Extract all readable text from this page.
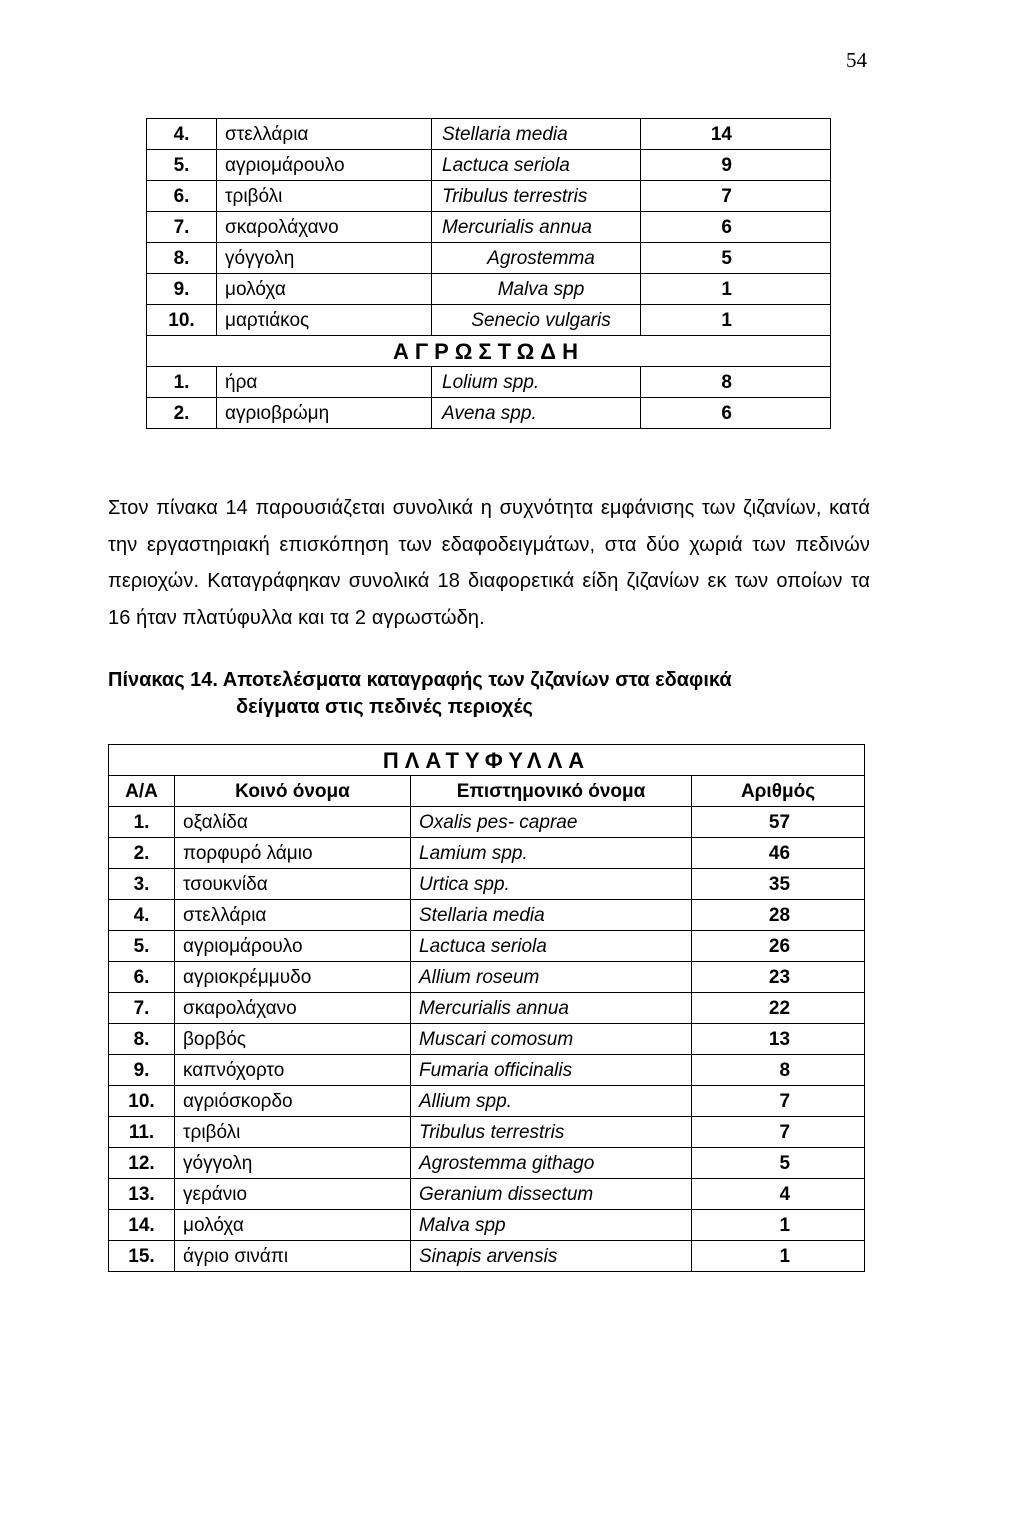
54
4.	στελλάρια	Stellaria media	14
5.	αγριομάρουλο	Lactuca seriola	9
6.	τριβόλι	Tribulus terrestris	7
7.	σκαρολάχανο	Mercurialis annua	6
8.	γόγγολη	Agrostemma	5
9.	μολόχα	Malva spp	1
10.	μαρτιάκος	Senecio vulgaris	1
ΑΓΡΩΣΤΩΔΗ			
1.	ήρα	Lolium spp.	8
2.	αγριοβρώμη	Avena spp.	6

Στον πίνακα 14 παρουσιάζεται συνολικά η συχνότητα εμφάνισης των ζιζανίων, κατά την εργαστηριακή επισκόπηση των εδαφοδειγμάτων, στα δύο χωριά των πεδινών περιοχών. Καταγράφηκαν συνολικά 18 διαφορετικά είδη ζιζανίων εκ των οποίων τα 16 ήταν πλατύφυλλα και τα 2 αγρωστώδη.

Πίνακας 14. Αποτελέσματα καταγραφής των ζιζανίων στα εδαφικά
δείγματα στις πεδινές περιοχές
ΠΛΑΤΥΦΥΛΛΑ			
Α/Α	Κοινό όνομα	Επιστημονικό όνομα	Αριθμός
1.	οξαλίδα	Oxalis pes- caprae	57
2.	πορφυρό λάμιο	Lamium spp.	46
3.	τσουκνίδα	Urtica spp.	35
4.	στελλάρια	Stellaria media	28
5.	αγριομάρουλο	Lactuca seriola	26
6.	αγριοκρέμμυδο	Allium roseum	23
7.	σκαρολάχανο	Mercurialis annua	22
8.	βορβός	Muscari comosum	13
9.	καπνόχορτο	Fumaria officinalis	8
10.	αγριόσκορδο	Allium spp.	7
11.	τριβόλι	Tribulus terrestris	7
12.	γόγγολη	Agrostemma githago	5
13.	γεράνιο	Geranium dissectum	4
14.	μολόχα	Malva spp	1
15.	άγριο σινάπι	Sinapis arvensis	1
